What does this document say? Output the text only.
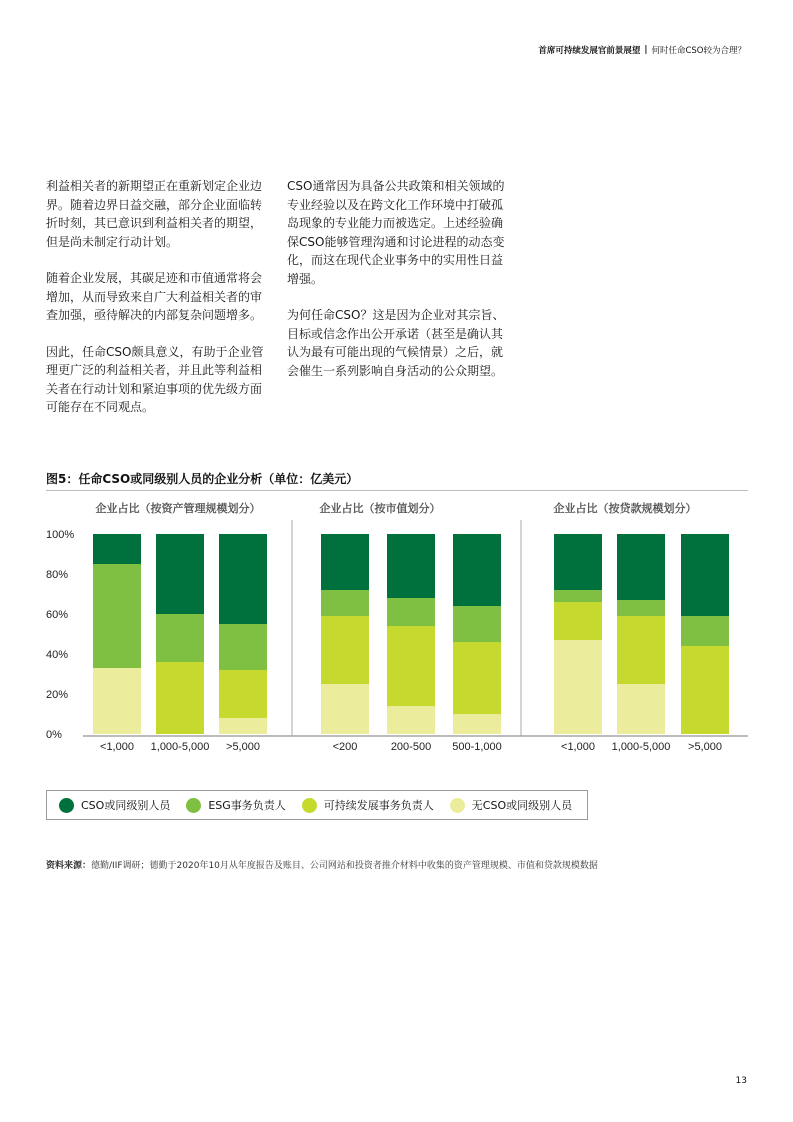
首席可持续发展官前景展望 | 何时任命CSO较为合理？

利益相关者的新期望正在重新划定企业边界。随着边界日益交融，部分企业面临转折时刻，其已意识到利益相关者的期望，但是尚未制定行动计划。

随着企业发展，其碳足迹和市值通常将会增加，从而导致来自广大利益相关者的审查加强，亟待解决的内部复杂问题增多。

因此，任命CSO颇具意义，有助于企业管理更广泛的利益相关者，并且此等利益相关者在行动计划和紧迫事项的优先级方面可能存在不同观点。

CSO通常因为具备公共政策和相关领域的专业经验以及在跨文化工作环境中打破孤岛现象的专业能力而被选定。上述经验确保CSO能够管理沟通和讨论进程的动态变化，而这在现代企业事务中的实用性日益增强。

为何任命CSO？这是因为企业对其宗旨、目标或信念作出公开承诺（甚至是确认其认为最有可能出现的气候情景）之后，就会催生一系列影响自身活动的公众期望。

图5：任命CSO或同级别人员的企业分析（单位：亿美元）
100%
80%
60%
40%
20%
0%
企业占比（按资产管理规模划分）
<1,000 1,000-5,000 >5,000
企业占比（按市值划分）
<200	200-500 500-1,000
企业占比（按贷款规模划分）
<1,000 1,000-5,000 >5,000
CSO或同级别人员	ESG事务负责人	可持续发展事务负责人	无CSO或同级别人员
资料来源：德勤/IIF调研；德勤于2020年10月从年度报告及账目、公司网站和投资者推介材料中收集的资产管理规模、市值和贷款规模数据
13
